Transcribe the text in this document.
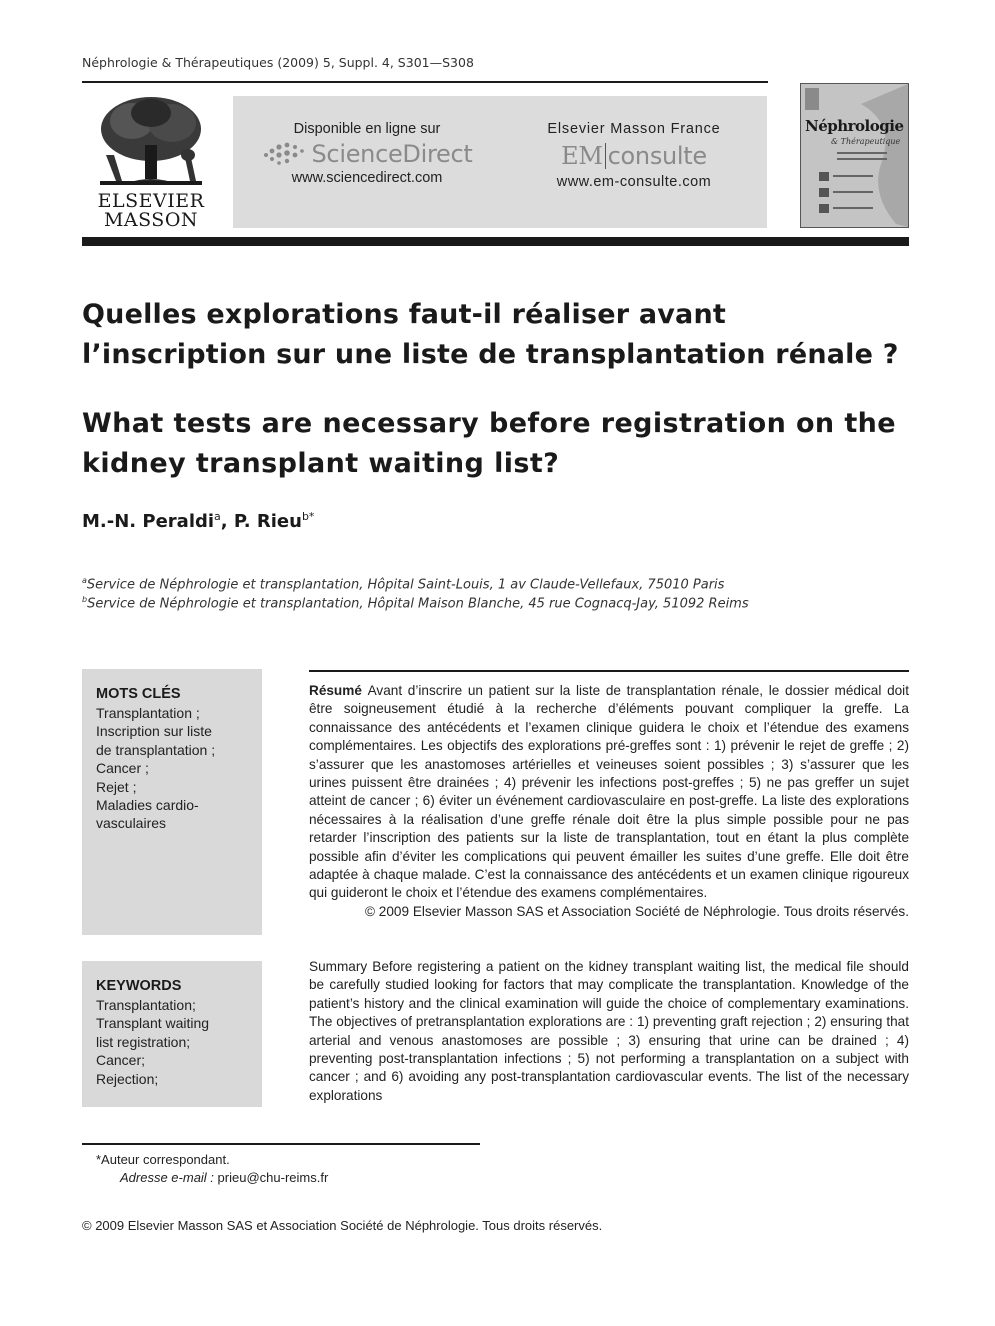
Néphrologie & Thérapeutiques (2009) 5, Suppl. 4, S301—S308
ELSEVIER
MASSON
Disponible en ligne sur
ScienceDirect
www.sciencedirect.com
Elsevier Masson France
EM consulte
www.em-consulte.com
Néphrologie
& Thérapeutique
Quelles explorations faut-il réaliser avant l’inscription sur une liste de transplantation rénale ?
What tests are necessary before registration on the kidney transplant waiting list?
M.-N. Peraldi$^a$, P. Rieu$^{b*}$
$^a$Service de Néphrologie et transplantation, Hôpital Saint-Louis, 1 av Claude-Vellefaux, 75010 Paris
$^b$Service de Néphrologie et transplantation, Hôpital Maison Blanche, 45 rue Cognacq-Jay, 51092 Reims
MOTS CLÉS
Transplantation ;
Inscription sur liste
de transplantation ;
Cancer ;
Rejet ;
Maladies cardio-
vasculaires
KEYWORDS
Transplantation;
Transplant waiting
list registration;
Cancer;
Rejection;
Résumé Avant d’inscrire un patient sur la liste de transplantation rénale, le dossier médical doit être soigneusement étudié à la recherche d’éléments pouvant compliquer la greffe. La connaissance des antécédents et l’examen clinique guidera le choix et l’étendue des examens complémentaires. Les objectifs des explorations pré-greffes sont : 1) prévenir le rejet de greffe ; 2) s’assurer que les anastomoses artérielles et veineuses soient possibles ; 3) s’assurer que les urines puissent être drainées ; 4) prévenir les infections post-greffes ; 5) ne pas greffer un sujet atteint de cancer ; 6) éviter un événement cardiovasculaire en post-greffe. La liste des explorations nécessaires à la réalisation d’une greffe rénale doit être la plus simple possible pour ne pas retarder l’inscription des patients sur la liste de transplantation, tout en étant la plus complète possible afin d’éviter les complications qui peuvent émailler les suites d’une greffe. Elle doit être adaptée à chaque malade. C’est la connaissance des antécédents et un examen clinique rigoureux qui guideront le choix et l’étendue des examens complémentaires.
© 2009 Elsevier Masson SAS et Association Société de Néphrologie. Tous droits réservés.
Summary Before registering a patient on the kidney transplant waiting list, the medical file should be carefully studied looking for factors that may complicate the transplantation. Knowledge of the patient’s history and the clinical examination will guide the choice of complementary examinations. The objectives of pretransplantation explorations are : 1) preventing graft rejection ; 2) ensuring that arterial and venous anastomoses are possible ; 3) ensuring that urine can be drained ; 4) preventing post-transplantation infections ; 5) not performing a transplantation on a subject with cancer ; and 6) avoiding any post-transplantation cardiovascular events. The list of the necessary explorations
*Auteur correspondant.
Adresse e-mail : prieu@chu-reims.fr
© 2009 Elsevier Masson SAS et Association Société de Néphrologie. Tous droits réservés.
